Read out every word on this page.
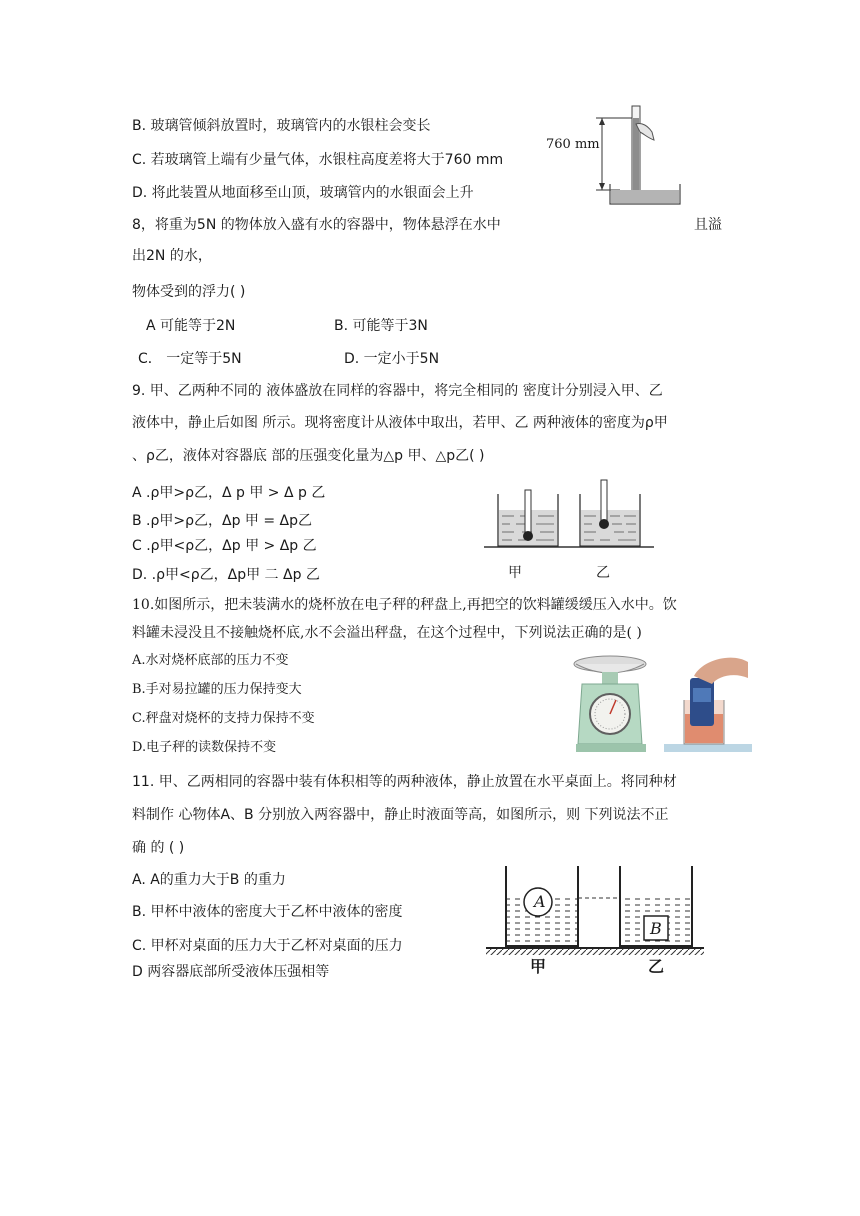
B. 玻璃管倾斜放置时，玻璃管内的水银柱会变长
C. 若玻璃管上端有少量气体，水银柱高度差将大于760 mm
D. 将此装置从地面移至山顶，玻璃管内的水银面会上升
760 mm
8，将重为5N 的物体放入盛有水的容器中，物体悬浮在水中	且溢
出2N 的水，
物体受到的浮力( )
A 可能等于2N	B. 可能等于3N
C． 一定等于5N	D. 一定小于5N
9. 甲、乙两种不同的 液体盛放在同样的容器中，将完全相同的 密度计分别浸入甲、乙
液体中，静止后如图 所示。现将密度计从液体中取出，若甲、乙 两种液体的密度为ρ甲
、ρ乙，液体对容器底 部的压强变化量为△p 甲、△p乙( )
A .ρ甲>ρ乙，Δ p 甲 > Δ p 乙
B .ρ甲>ρ乙，Δp 甲 = Δp乙
C .ρ甲<ρ乙，Δp 甲 > Δp 乙
D. .ρ甲<ρ乙，Δp甲 二 Δp 乙	甲	乙
10.如图所示，把未装满水的烧杯放在电子秤的秤盘上,再把空的饮料罐缓缓压入水中。饮
料罐未浸没且不接触烧杯底,水不会溢出秤盘，在这个过程中，下列说法正确的是( )
A.水对烧杯底部的压力不变
B.手对易拉罐的压力保持变大
C.秤盘对烧杯的支持力保持不变
D.电子秤的读数保持不变
11. 甲、乙两相同的容器中装有体积相等的两种液体，静止放置在水平桌面上。将同种材
料制作 心物体A、B 分别放入两容器中，静止时液面等高，如图所示，则 下列说法不正
确 的 ( )
A. A的重力大于B 的重力
B. 甲杯中液体的密度大于乙杯中液体的密度
C. 甲杯对桌面的压力大于乙杯对桌面的压力
D 两容器底部所受液体压强相等
A
B
甲	乙
